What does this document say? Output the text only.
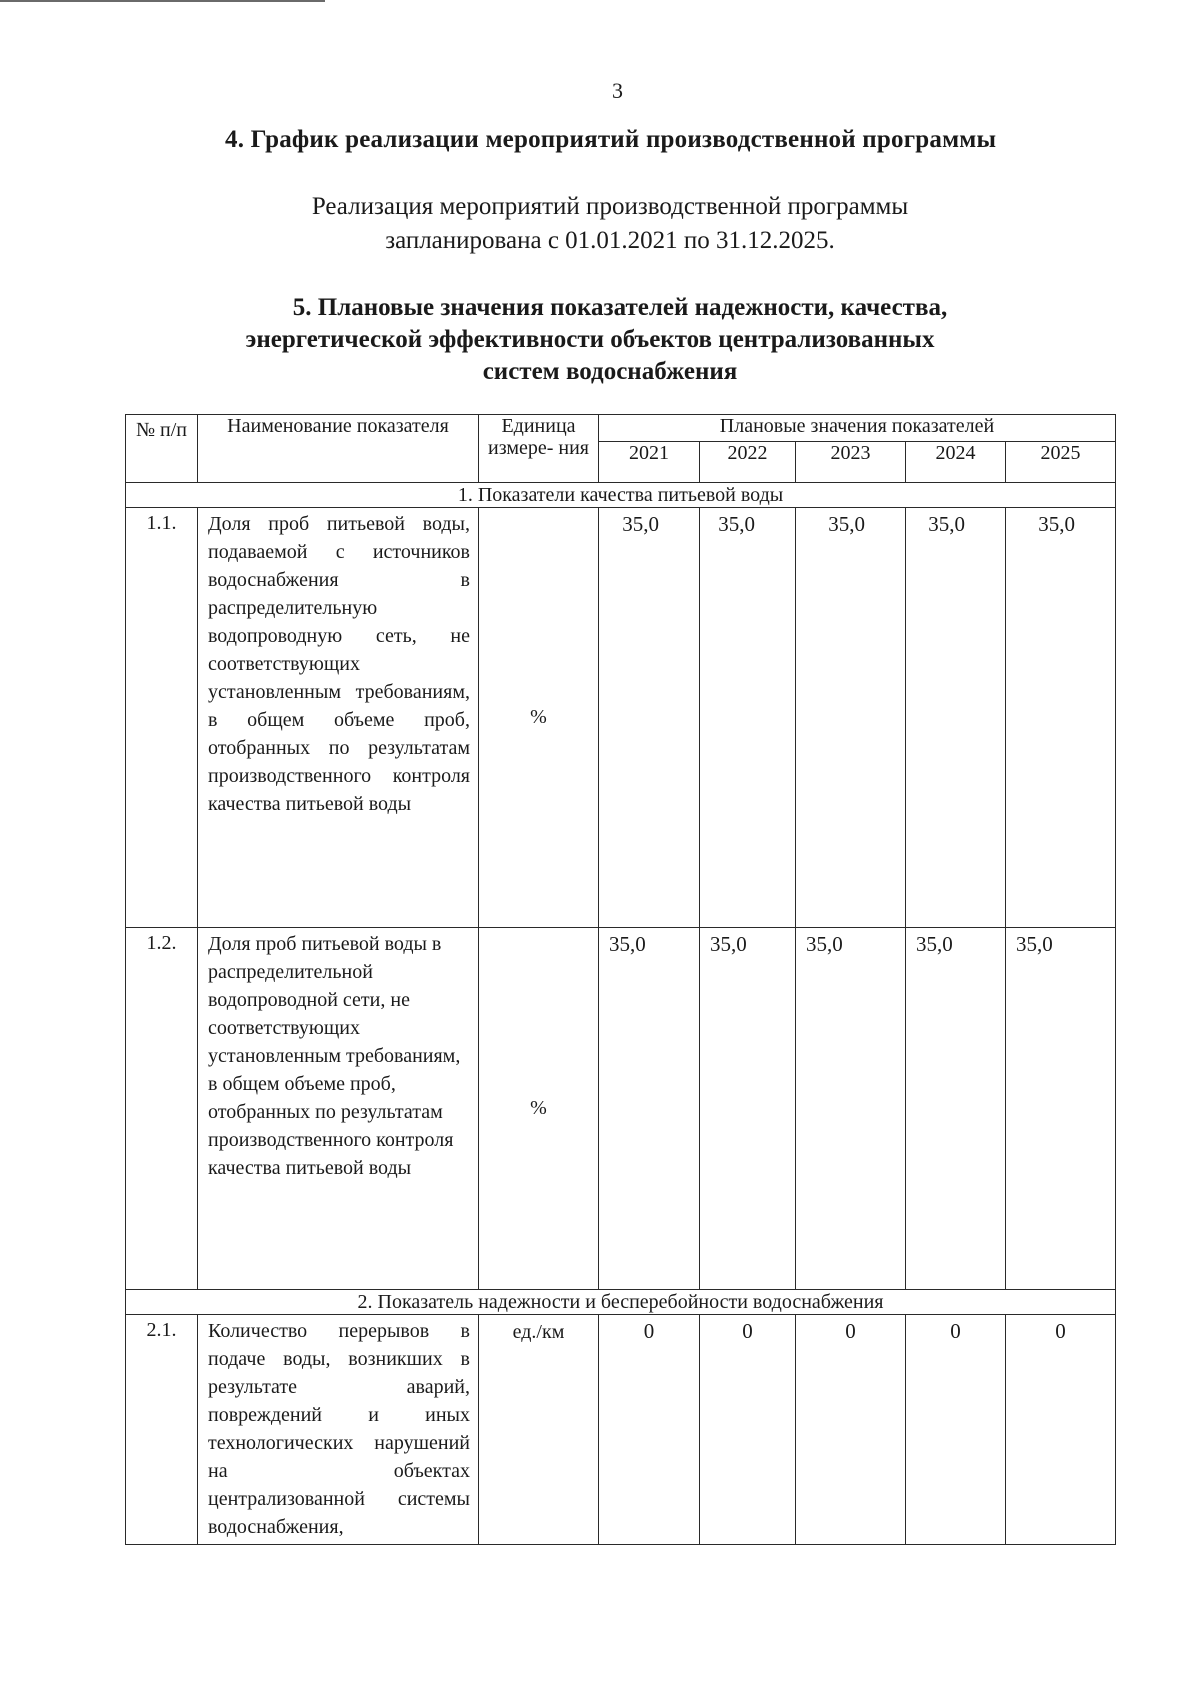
3
4. График реализации мероприятий производственной программы
Реализация мероприятий производственной программы
запланирована с 01.01.2021 по 31.12.2025.
5. Плановые значения показателей надежности, качества,
энергетической эффективности объектов централизованных
систем водоснабжения
№ п/п	Наименование показателя	Единица измере- ния	Плановые значения показателей				
			2021	2022	2023	2024	2025
1. Показатели качества питьевой воды							
1.1.	Доля проб питьевой воды, подаваемой с источников водоснабжения в распределительную водопроводную сеть, не соответствующих установленным требованиям, в общем объеме проб, отобранных по результатам производственного контроля качества питьевой воды	%	35,0	35,0	35,0	35,0	35,0
1.2.	Доля проб питьевой воды в распределительной водопроводной сети, не соответствующих установленным требованиям, в общем объеме проб, отобранных по результатам производственного контроля качества питьевой воды	%	35,0	35,0	35,0	35,0	35,0
2. Показатель надежности и бесперебойности водоснабжения							
2.1.	Количество перерывов в подаче воды, возникших в результате аварий, повреждений и иных технологических нарушений на объектах централизованной системы водоснабжения,	ед./км	0	0	0	0	0
